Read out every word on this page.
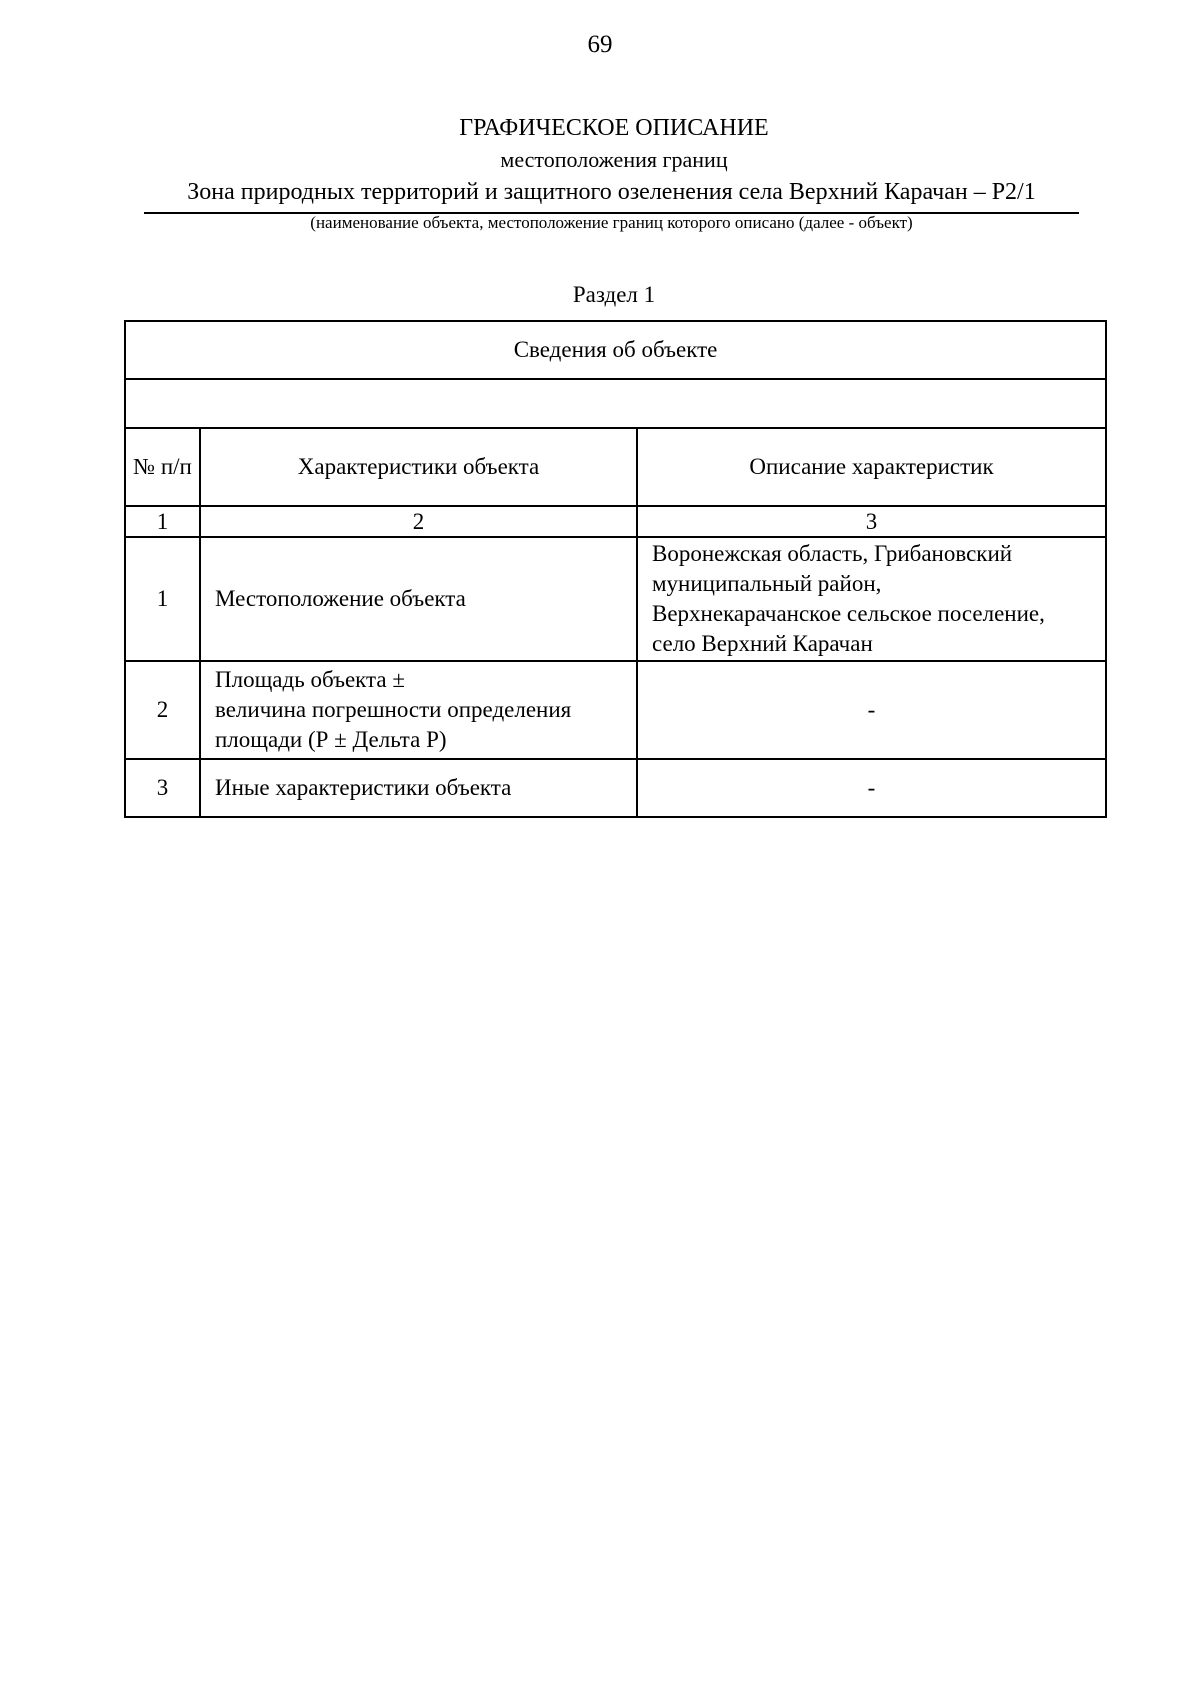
69
ГРАФИЧЕСКОЕ ОПИСАНИЕ
местоположения границ
Зона природных территорий и защитного озеленения села Верхний Карачан – Р2/1
(наименование объекта, местоположение границ которого описано (далее - объект)
Раздел 1
Сведения об объекте		

№ п/п	Характеристики объекта	Описание характеристик
1	2	3
1	Местоположение объекта	Воронежская область, Грибановский
муниципальный район,
Верхнекарачанское сельское поселение,
село Верхний Карачан

2	Площадь объекта ±
величина погрешности определения
площади (Р ± Дельта Р)	-

3	Иные характеристики объекта	-
